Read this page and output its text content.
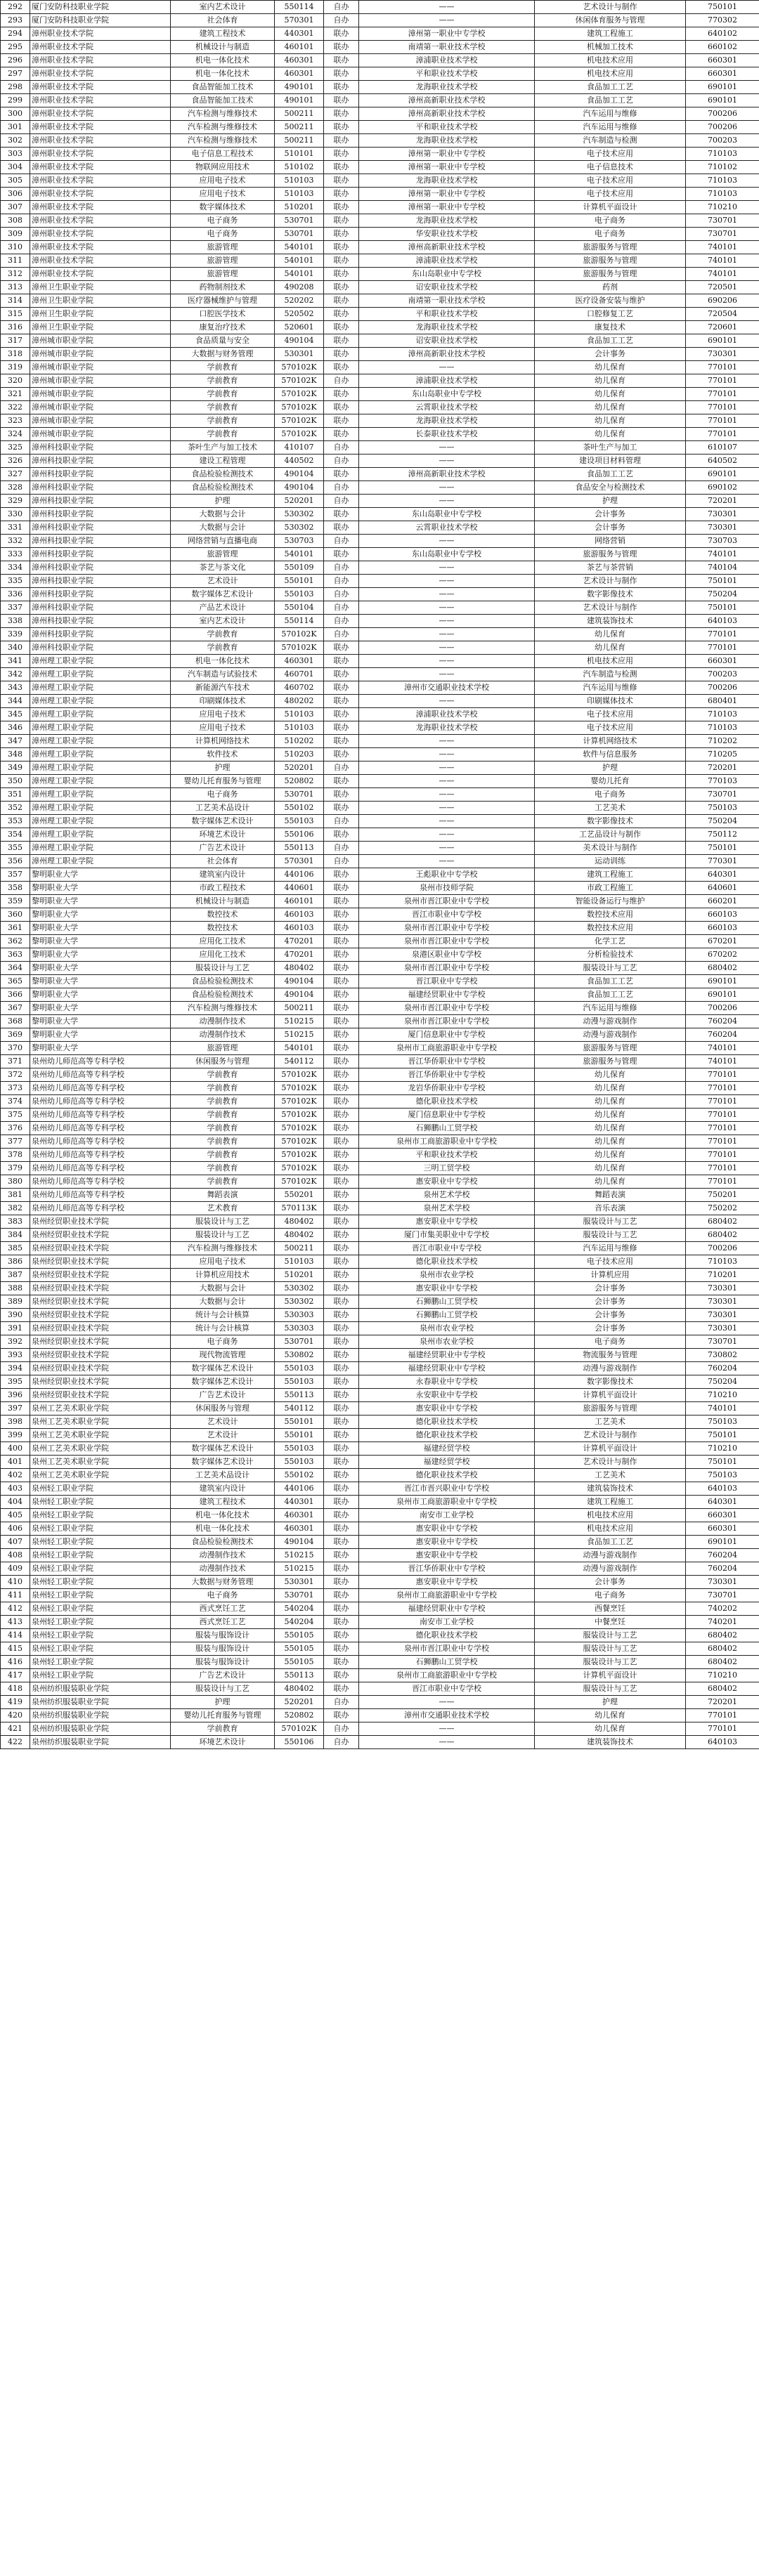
292	厦门安防科技职业学院	室内艺术设计	550114	自办	——	艺术设计与制作	750101
293	厦门安防科技职业学院	社会体育	570301	自办	——	休闲体育服务与管理	770302
294	漳州职业技术学院	建筑工程技术	440301	联办	漳州第一职业中专学校	建筑工程施工	640102
295	漳州职业技术学院	机械设计与制造	460101	联办	南靖第一职业技术学校	机械加工技术	660102
296	漳州职业技术学院	机电一体化技术	460301	联办	漳浦职业技术学校	机电技术应用	660301
297	漳州职业技术学院	机电一体化技术	460301	联办	平和职业技术学校	机电技术应用	660301
298	漳州职业技术学院	食品智能加工技术	490101	联办	龙海职业技术学校	食品加工工艺	690101
299	漳州职业技术学院	食品智能加工技术	490101	联办	漳州高新职业技术学校	食品加工工艺	690101
300	漳州职业技术学院	汽车检测与维修技术	500211	联办	漳州高新职业技术学校	汽车运用与维修	700206
301	漳州职业技术学院	汽车检测与维修技术	500211	联办	平和职业技术学校	汽车运用与维修	700206
302	漳州职业技术学院	汽车检测与维修技术	500211	联办	龙海职业技术学校	汽车制造与检测	700203
303	漳州职业技术学院	电子信息工程技术	510101	联办	漳州第一职业中专学校	电子技术应用	710103
304	漳州职业技术学院	物联网应用技术	510102	联办	漳州第一职业中专学校	电子信息技术	710102
305	漳州职业技术学院	应用电子技术	510103	联办	龙海职业技术学校	电子技术应用	710103
306	漳州职业技术学院	应用电子技术	510103	联办	漳州第一职业中专学校	电子技术应用	710103
307	漳州职业技术学院	数字媒体技术	510201	联办	漳州第一职业中专学校	计算机平面设计	710210
308	漳州职业技术学院	电子商务	530701	联办	龙海职业技术学校	电子商务	730701
309	漳州职业技术学院	电子商务	530701	联办	华安职业技术学校	电子商务	730701
310	漳州职业技术学院	旅游管理	540101	联办	漳州高新职业技术学校	旅游服务与管理	740101
311	漳州职业技术学院	旅游管理	540101	联办	漳浦职业技术学校	旅游服务与管理	740101
312	漳州职业技术学院	旅游管理	540101	联办	东山岛职业中专学校	旅游服务与管理	740101
313	漳州卫生职业学院	药物制剂技术	490208	联办	诏安职业技术学校	药剂	720501
314	漳州卫生职业学院	医疗器械维护与管理	520202	联办	南靖第一职业技术学校	医疗设备安装与维护	690206
315	漳州卫生职业学院	口腔医学技术	520502	联办	平和职业技术学校	口腔修复工艺	720504
316	漳州卫生职业学院	康复治疗技术	520601	联办	龙海职业技术学校	康复技术	720601
317	漳州城市职业学院	食品质量与安全	490104	联办	诏安职业技术学校	食品加工工艺	690101
318	漳州城市职业学院	大数据与财务管理	530301	联办	漳州高新职业技术学校	会计事务	730301
319	漳州城市职业学院	学前教育	570102K	联办	——	幼儿保育	770101
320	漳州城市职业学院	学前教育	570102K	自办	漳浦职业技术学校	幼儿保育	770101
321	漳州城市职业学院	学前教育	570102K	联办	东山岛职业中专学校	幼儿保育	770101
322	漳州城市职业学院	学前教育	570102K	联办	云霄职业技术学校	幼儿保育	770101
323	漳州城市职业学院	学前教育	570102K	联办	龙海职业技术学校	幼儿保育	770101
324	漳州城市职业学院	学前教育	570102K	联办	长泰职业技术学校	幼儿保育	770101
325	漳州科技职业学院	茶叶生产与加工技术	410107	自办	——	茶叶生产与加工	610107
326	漳州科技职业学院	建设工程管理	440502	自办	——	建设项目材料管理	640502
327	漳州科技职业学院	食品检验检测技术	490104	联办	漳州高新职业技术学校	食品加工工艺	690101
328	漳州科技职业学院	食品检验检测技术	490104	自办	——	食品安全与检测技术	690102
329	漳州科技职业学院	护理	520201	自办	——	护理	720201
330	漳州科技职业学院	大数据与会计	530302	联办	东山岛职业中专学校	会计事务	730301
331	漳州科技职业学院	大数据与会计	530302	联办	云霄职业技术学校	会计事务	730301
332	漳州科技职业学院	网络营销与直播电商	530703	自办	——	网络营销	730703
333	漳州科技职业学院	旅游管理	540101	联办	东山岛职业中专学校	旅游服务与管理	740101
334	漳州科技职业学院	茶艺与茶文化	550109	自办	——	茶艺与茶营销	740104
335	漳州科技职业学院	艺术设计	550101	自办	——	艺术设计与制作	750101
336	漳州科技职业学院	数字媒体艺术设计	550103	自办	——	数字影像技术	750204
337	漳州科技职业学院	产品艺术设计	550104	自办	——	艺术设计与制作	750101
338	漳州科技职业学院	室内艺术设计	550114	自办	——	建筑装饰技术	640103
339	漳州科技职业学院	学前教育	570102K	自办	——	幼儿保育	770101
340	漳州科技职业学院	学前教育	570102K	联办	——	幼儿保育	770101
341	漳州理工职业学院	机电一体化技术	460301	联办	——	机电技术应用	660301
342	漳州理工职业学院	汽车制造与试验技术	460701	联办	——	汽车制造与检测	700203
343	漳州理工职业学院	新能源汽车技术	460702	联办	漳州市交通职业技术学校	汽车运用与维修	700206
344	漳州理工职业学院	印刷媒体技术	480202	联办	——	印刷媒体技术	680401
345	漳州理工职业学院	应用电子技术	510103	联办	漳浦职业技术学校	电子技术应用	710103
346	漳州理工职业学院	应用电子技术	510103	联办	龙海职业技术学校	电子技术应用	710103
347	漳州理工职业学院	计算机网络技术	510202	联办	——	计算机网络技术	710202
348	漳州理工职业学院	软件技术	510203	联办	——	软件与信息服务	710205
349	漳州理工职业学院	护理	520201	自办	——	护理	720201
350	漳州理工职业学院	婴幼儿托育服务与管理	520802	联办	——	婴幼儿托育	770103
351	漳州理工职业学院	电子商务	530701	联办	——	电子商务	730701
352	漳州理工职业学院	工艺美术品设计	550102	联办	——	工艺美术	750103
353	漳州理工职业学院	数字媒体艺术设计	550103	自办	——	数字影像技术	750204
354	漳州理工职业学院	环境艺术设计	550106	联办	——	工艺品设计与制作	750112
355	漳州理工职业学院	广告艺术设计	550113	自办	——	美术设计与制作	750101
356	漳州理工职业学院	社会体育	570301	自办	——	运动训练	770301
357	黎明职业大学	建筑室内设计	440106	联办	王彪职业中专学校	建筑工程施工	640301
358	黎明职业大学	市政工程技术	440601	联办	泉州市技师学院	市政工程施工	640601
359	黎明职业大学	机械设计与制造	460101	联办	泉州市晋江职业中专学校	智能设备运行与维护	660201
360	黎明职业大学	数控技术	460103	联办	晋江市职业中专学校	数控技术应用	660103
361	黎明职业大学	数控技术	460103	联办	泉州市晋江职业中专学校	数控技术应用	660103
362	黎明职业大学	应用化工技术	470201	联办	泉州市晋江职业中专学校	化学工艺	670201
363	黎明职业大学	应用化工技术	470201	联办	泉港区职业中专学校	分析检验技术	670202
364	黎明职业大学	服装设计与工艺	480402	联办	泉州市晋江职业中专学校	服装设计与工艺	680402
365	黎明职业大学	食品检验检测技术	490104	联办	晋江职业中专学校	食品加工工艺	690101
366	黎明职业大学	食品检验检测技术	490104	联办	福建经贸职业中专学校	食品加工工艺	690101
367	黎明职业大学	汽车检测与维修技术	500211	联办	泉州市晋江职业中专学校	汽车运用与维修	700206
368	黎明职业大学	动漫制作技术	510215	联办	泉州市晋江职业中专学校	动漫与游戏制作	760204
369	黎明职业大学	动漫制作技术	510215	联办	厦门信息职业中专学校	动漫与游戏制作	760204
370	黎明职业大学	旅游管理	540101	联办	泉州市工商旅游职业中专学校	旅游服务与管理	740101
371	泉州幼儿师范高等专科学校	休闲服务与管理	540112	联办	晋江华侨职业中专学校	旅游服务与管理	740101
372	泉州幼儿师范高等专科学校	学前教育	570102K	联办	晋江华侨职业中专学校	幼儿保育	770101
373	泉州幼儿师范高等专科学校	学前教育	570102K	联办	龙岩华侨职业中专学校	幼儿保育	770101
374	泉州幼儿师范高等专科学校	学前教育	570102K	联办	德化职业技术学校	幼儿保育	770101
375	泉州幼儿师范高等专科学校	学前教育	570102K	联办	厦门信息职业中专学校	幼儿保育	770101
376	泉州幼儿师范高等专科学校	学前教育	570102K	联办	石狮鹏山工贸学校	幼儿保育	770101
377	泉州幼儿师范高等专科学校	学前教育	570102K	联办	泉州市工商旅游职业中专学校	幼儿保育	770101
378	泉州幼儿师范高等专科学校	学前教育	570102K	联办	平和职业技术学校	幼儿保育	770101
379	泉州幼儿师范高等专科学校	学前教育	570102K	联办	三明工贸学校	幼儿保育	770101
380	泉州幼儿师范高等专科学校	学前教育	570102K	联办	惠安职业中专学校	幼儿保育	770101
381	泉州幼儿师范高等专科学校	舞蹈表演	550201	联办	泉州艺术学校	舞蹈表演	750201
382	泉州幼儿师范高等专科学校	艺术教育	570113K	联办	泉州艺术学校	音乐表演	750202
383	泉州经贸职业技术学院	服装设计与工艺	480402	联办	惠安职业中专学校	服装设计与工艺	680402
384	泉州经贸职业技术学院	服装设计与工艺	480402	联办	厦门市集美职业中专学校	服装设计与工艺	680402
385	泉州经贸职业技术学院	汽车检测与维修技术	500211	联办	晋江市职业中专学校	汽车运用与维修	700206
386	泉州经贸职业技术学院	应用电子技术	510103	联办	德化职业技术学校	电子技术应用	710103
387	泉州经贸职业技术学院	计算机应用技术	510201	联办	泉州市农业学校	计算机应用	710201
388	泉州经贸职业技术学院	大数据与会计	530302	联办	惠安职业中专学校	会计事务	730301
389	泉州经贸职业技术学院	大数据与会计	530302	联办	石狮鹏山工贸学校	会计事务	730301
390	泉州经贸职业技术学院	统计与会计核算	530303	联办	石狮鹏山工贸学校	会计事务	730301
391	泉州经贸职业技术学院	统计与会计核算	530303	联办	泉州市农业学校	会计事务	730301
392	泉州经贸职业技术学院	电子商务	530701	联办	泉州市农业学校	电子商务	730701
393	泉州经贸职业技术学院	现代物流管理	530802	联办	福建经贸职业中专学校	物流服务与管理	730802
394	泉州经贸职业技术学院	数字媒体艺术设计	550103	联办	福建经贸职业中专学校	动漫与游戏制作	760204
395	泉州经贸职业技术学院	数字媒体艺术设计	550103	联办	永春职业中专学校	数字影像技术	750204
396	泉州经贸职业技术学院	广告艺术设计	550113	联办	永安职业中专学校	计算机平面设计	710210
397	泉州工艺美术职业学院	休闲服务与管理	540112	联办	惠安职业中专学校	旅游服务与管理	740101
398	泉州工艺美术职业学院	艺术设计	550101	联办	德化职业技术学校	工艺美术	750103
399	泉州工艺美术职业学院	艺术设计	550101	联办	德化职业技术学校	艺术设计与制作	750101
400	泉州工艺美术职业学院	数字媒体艺术设计	550103	联办	福建经贸学校	计算机平面设计	710210
401	泉州工艺美术职业学院	数字媒体艺术设计	550103	联办	福建经贸学校	艺术设计与制作	750101
402	泉州工艺美术职业学院	工艺美术品设计	550102	联办	德化职业技术学校	工艺美术	750103
403	泉州轻工职业学院	建筑室内设计	440106	联办	晋江市晋兴职业中专学校	建筑装饰技术	640103
404	泉州轻工职业学院	建筑工程技术	440301	联办	泉州市工商旅游职业中专学校	建筑工程施工	640301
405	泉州轻工职业学院	机电一体化技术	460301	联办	南安市工业学校	机电技术应用	660301
406	泉州轻工职业学院	机电一体化技术	460301	联办	惠安职业中专学校	机电技术应用	660301
407	泉州轻工职业学院	食品检验检测技术	490104	联办	惠安职业中专学校	食品加工工艺	690101
408	泉州轻工职业学院	动漫制作技术	510215	联办	惠安职业中专学校	动漫与游戏制作	760204
409	泉州轻工职业学院	动漫制作技术	510215	联办	晋江华侨职业中专学校	动漫与游戏制作	760204
410	泉州轻工职业学院	大数据与财务管理	530301	联办	惠安职业中专学校	会计事务	730301
411	泉州轻工职业学院	电子商务	530701	联办	泉州市工商旅游职业中专学校	电子商务	730701
412	泉州轻工职业学院	西式烹饪工艺	540204	联办	福建经贸职业中专学校	西餐烹饪	740202
413	泉州轻工职业学院	西式烹饪工艺	540204	联办	南安市工业学校	中餐烹饪	740201
414	泉州轻工职业学院	服装与服饰设计	550105	联办	德化职业技术学校	服装设计与工艺	680402
415	泉州轻工职业学院	服装与服饰设计	550105	联办	泉州市晋江职业中专学校	服装设计与工艺	680402
416	泉州轻工职业学院	服装与服饰设计	550105	联办	石狮鹏山工贸学校	服装设计与工艺	680402
417	泉州轻工职业学院	广告艺术设计	550113	联办	泉州市工商旅游职业中专学校	计算机平面设计	710210
418	泉州纺织服装职业学院	服装设计与工艺	480402	联办	晋江市职业中专学校	服装设计与工艺	680402
419	泉州纺织服装职业学院	护理	520201	自办	——	护理	720201
420	泉州纺织服装职业学院	婴幼儿托育服务与管理	520802	联办	漳州市交通职业技术学校	幼儿保育	770101
421	泉州纺织服装职业学院	学前教育	570102K	自办	——	幼儿保育	770101
422	泉州纺织服装职业学院	环境艺术设计	550106	自办	——	建筑装饰技术	640103
